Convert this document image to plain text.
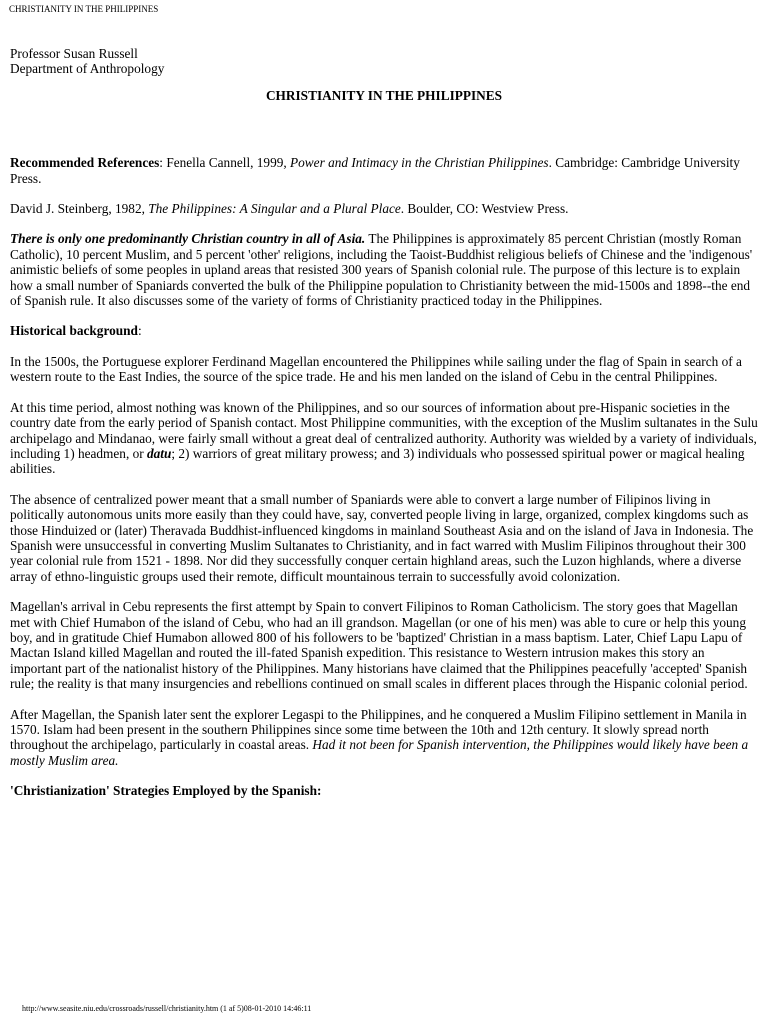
CHRISTIANITY IN THE PHILIPPINES

Professor Susan Russell
Department of Anthropology

CHRISTIANITY IN THE PHILIPPINES

Recommended References: Fenella Cannell, 1999, Power and Intimacy in the Christian Philippines. Cambridge: Cambridge University Press.

David J. Steinberg, 1982, The Philippines: A Singular and a Plural Place. Boulder, CO: Westview Press.

There is only one predominantly Christian country in all of Asia. The Philippines is approximately 85 percent Christian (mostly Roman Catholic), 10 percent Muslim, and 5 percent 'other' religions, including the Taoist-Buddhist religious beliefs of Chinese and the 'indigenous' animistic beliefs of some peoples in upland areas that resisted 300 years of Spanish colonial rule. The purpose of this lecture is to explain how a small number of Spaniards converted the bulk of the Philippine population to Christianity between the mid-1500s and 1898--the end of Spanish rule. It also discusses some of the variety of forms of Christianity practiced today in the Philippines.

Historical background:

In the 1500s, the Portuguese explorer Ferdinand Magellan encountered the Philippines while sailing under the flag of Spain in search of a western route to the East Indies, the source of the spice trade. He and his men landed on the island of Cebu in the central Philippines.

At this time period, almost nothing was known of the Philippines, and so our sources of information about pre-Hispanic societies in the country date from the early period of Spanish contact. Most Philippine communities, with the exception of the Muslim sultanates in the Sulu archipelago and Mindanao, were fairly small without a great deal of centralized authority. Authority was wielded by a variety of individuals, including 1) headmen, or datu; 2) warriors of great military prowess; and 3) individuals who possessed spiritual power or magical healing abilities.

The absence of centralized power meant that a small number of Spaniards were able to convert a large number of Filipinos living in politically autonomous units more easily than they could have, say, converted people living in large, organized, complex kingdoms such as those Hinduized or (later) Theravada Buddhist-influenced kingdoms in mainland Southeast Asia and on the island of Java in Indonesia. The Spanish were unsuccessful in converting Muslim Sultanates to Christianity, and in fact warred with Muslim Filipinos throughout their 300 year colonial rule from 1521 - 1898. Nor did they successfully conquer certain highland areas, such the Luzon highlands, where a diverse array of ethno-linguistic groups used their remote, difficult mountainous terrain to successfully avoid colonization.

Magellan's arrival in Cebu represents the first attempt by Spain to convert Filipinos to Roman Catholicism. The story goes that Magellan met with Chief Humabon of the island of Cebu, who had an ill grandson. Magellan (or one of his men) was able to cure or help this young boy, and in gratitude Chief Humabon allowed 800 of his followers to be 'baptized' Christian in a mass baptism. Later, Chief Lapu Lapu of Mactan Island killed Magellan and routed the ill-fated Spanish expedition. This resistance to Western intrusion makes this story an important part of the nationalist history of the Philippines. Many historians have claimed that the Philippines peacefully 'accepted' Spanish rule; the reality is that many insurgencies and rebellions continued on small scales in different places through the Hispanic colonial period.

After Magellan, the Spanish later sent the explorer Legaspi to the Philippines, and he conquered a Muslim Filipino settlement in Manila in 1570. Islam had been present in the southern Philippines since some time between the 10th and 12th century. It slowly spread north throughout the archipelago, particularly in coastal areas. Had it not been for Spanish intervention, the Philippines would likely have been a mostly Muslim area.

'Christianization' Strategies Employed by the Spanish:

http://www.seasite.niu.edu/crossroads/russell/christianity.htm (1 af 5)08-01-2010 14:46:11
